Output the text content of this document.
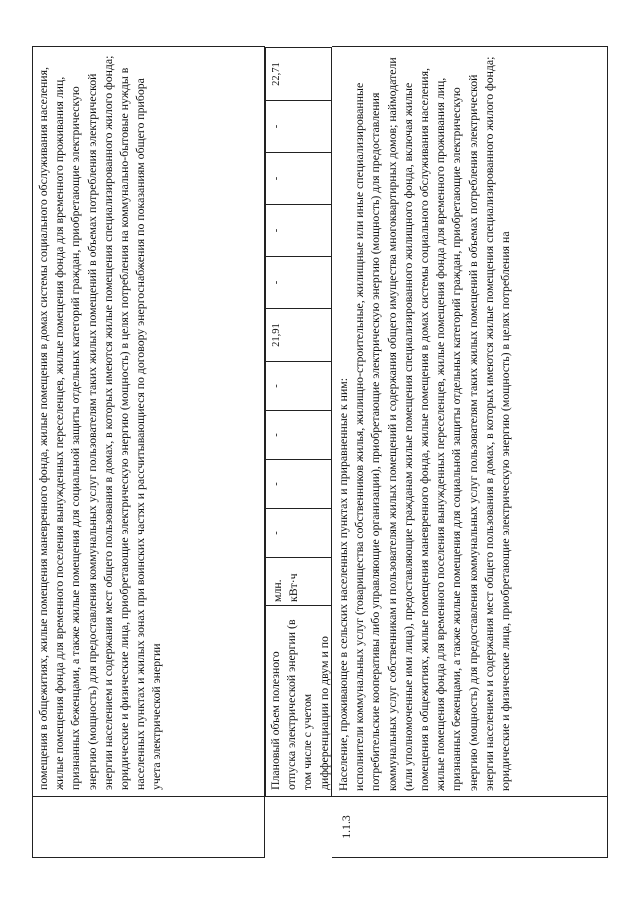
помещения в общежитиях, жилые помещения маневренного фонда, жилые помещения в домах системы социального обслуживания населения, жилые помещения фонда для временного поселения вынужденных переселенцев, жилые помещения фонда для временного проживания лиц, признанных беженцами, а также жилые помещения для социальной защиты отдельных категорий граждан, приобретающие электрическую энергию (мощность) для предоставления коммунальных услуг пользователям таких жилых помещений в объемах потребления электрической энергии населением и содержания мест общего пользования в домах, в которых имеются жилые помещения специализированного жилого фонда; юридические и физические лица, приобретающие электрическую энергию (мощность) в целях потребления на коммунально-бытовые нужды в населенных пунктах и жилых зонах при воинских частях и рассчитывающиеся по договору энергоснабжения по показаниям общего прибора учета электрической энергии	Плановый объем полезного отпуска электрической энергии (в том числе с учетом дифференциации по двум и по

млн. кВт·ч
-
-
-
-
21,91
-
-
-
-
22,71
1.1.3

Население, проживающее в сельских населенных пунктах и приравненные к ним: исполнители коммунальных услуг (товарищества собственников жилья, жилищно-строительные, жилищные или иные специализированные потребительские кооперативы либо управляющие организации), приобретающие электрическую энергию (мощность) для предоставления коммунальных услуг собственникам и пользователям жилых помещений и содержания общего имущества многоквартирных домов; наймодатели (или уполномоченные ими лица), предоставляющие гражданам жилые помещения специализированного жилищного фонда, включая жилые помещения в общежитиях, жилые помещения маневренного фонда, жилые помещения в домах системы социального обслуживания населения, жилые помещения фонда для временного поселения вынужденных переселенцев, жилые помещения фонда для временного проживания лиц, признанных беженцами, а также жилые помещения для социальной защиты отдельных категорий граждан, приобретающие электрическую энергию (мощность) для предоставления коммунальных услуг пользователям таких жилых помещений в объемах потребления электрической энергии населением и содержания мест общего пользования в домах, в которых имеются жилые помещения специализированного жилого фонда; юридические и физические лица, приобретающие электрическую энергию (мощность) в целях потребления на
